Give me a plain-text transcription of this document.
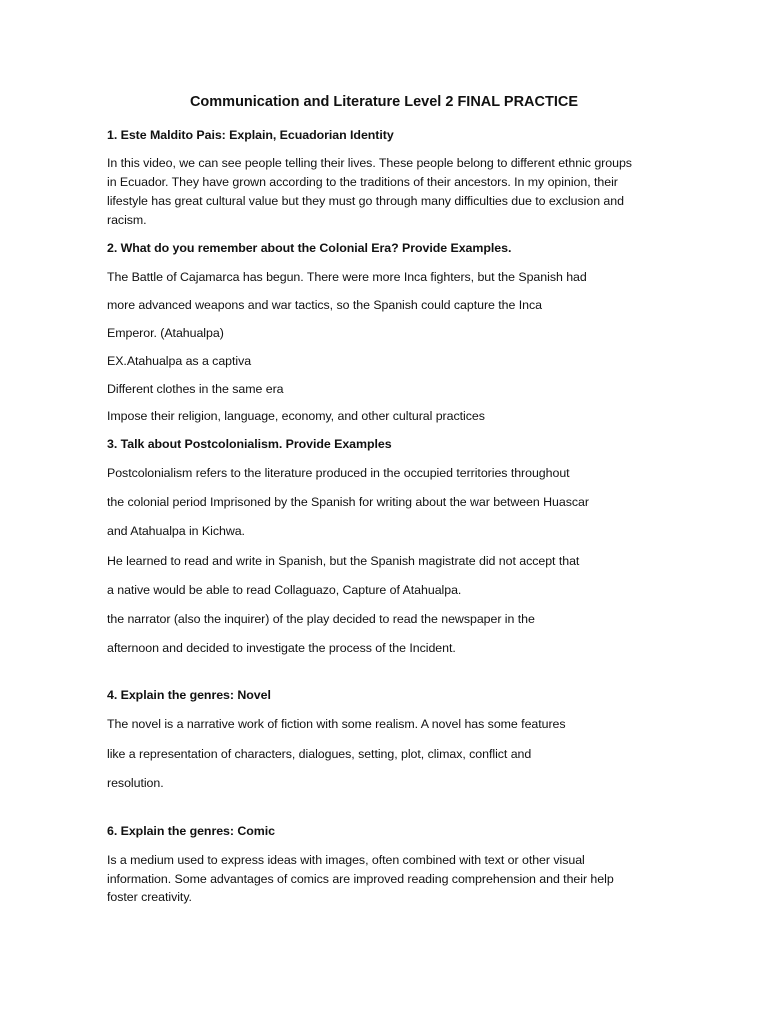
Communication and Literature Level 2 FINAL PRACTICE
1. Este Maldito Pais: Explain, Ecuadorian Identity
In this video, we can see people telling their lives. These people belong to different ethnic groups
in Ecuador. They have grown according to the traditions of their ancestors. In my opinion, their
lifestyle has great cultural value but they must go through many difficulties due to exclusion and
racism.
2. What do you remember about the Colonial Era? Provide Examples.
The Battle of Cajamarca has begun. There were more Inca fighters, but the Spanish had
more advanced weapons and war tactics, so the Spanish could capture the Inca
Emperor. (Atahualpa)
EX.Atahualpa as a captiva
Different clothes in the same era
Impose their religion, language, economy, and other cultural practices
3. Talk about Postcolonialism. Provide Examples
Postcolonialism refers to the literature produced in the occupied territories throughout
the colonial period Imprisoned by the Spanish for writing about the war between Huascar
and Atahualpa in Kichwa.
He learned to read and write in Spanish, but the Spanish magistrate did not accept that
a native would be able to read Collaguazo, Capture of Atahualpa.
the narrator (also the inquirer) of the play decided to read the newspaper in the
afternoon and decided to investigate the process of the Incident.
4. Explain the genres: Novel
The novel is a narrative work of fiction with some realism. A novel has some features
like a representation of characters, dialogues, setting, plot, climax, conflict and
resolution.
6. Explain the genres: Comic
Is a medium used to express ideas with images, often combined with text or other visual
information. Some advantages of comics are improved reading comprehension and their help
foster creativity.
